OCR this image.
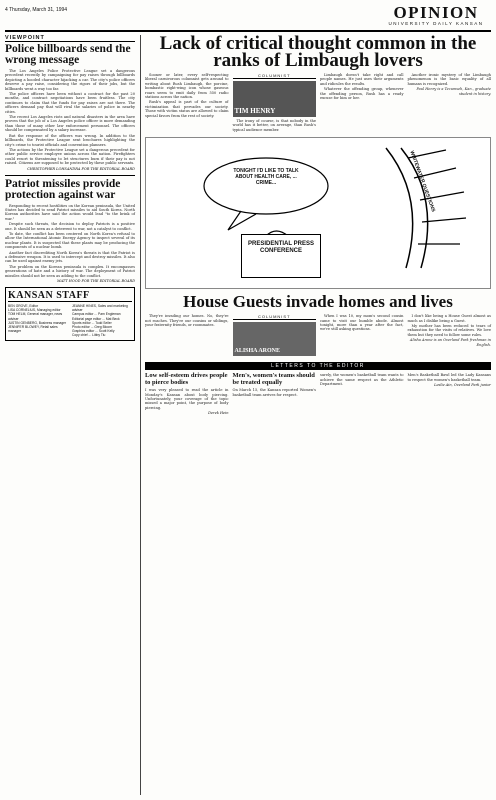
4 Thursday, March 31, 1994	OPINION
UNIVERSITY DAILY KANSAN
VIEWPOINT
Police billboards send the wrong message

The Los Angeles Police Protective League set a dangerous precedent recently by campaigning for pay raises through billboards depicting a hooded character hijacking a car. The city's police officers deserve a pay raise, considering the rigors of their jobs, but the billboards went a way too far.

The police officers have been without a contract for the past 20 months, and contract negotiations have been fruitless. The city continues to claim that the funds for pay raises are not there. The officers demand pay that will rival the salaries of police in nearby cities.

The recent Los Angeles riots and natural disasters in the area have proven that the job of a Los Angeles police officer is more demanding than those of many other law enforcement personnel. The officers should be compensated by a salary increase.

But the response of the officers was wrong. In addition to the billboards, the Protective League sent brochures highlighting the city's crime to tourist officials and convention planners.

The actions by the Protective League set a dangerous precedent for other public service employee unions across the nation. Firefighters could resort to threatening to let structures burn if their pay is not raised. Citizens are supposed to be protected by these public servants.

CHRISTOPHER LOHSANDRA FOR THE EDITORIAL BOARD
Patriot missiles provide protection against war

Responding to recent hostilities on the Korean peninsula, the United States has decided to send Patriot missiles to aid South Korea. North Korean authorities have said the action would lead "to the brink of war."

Despite such threats, the decision to deploy Patriots is a positive one. It should be seen as a deterrent to war, not a catalyst to conflict.

To date, the conflict has been centered on North Korea's refusal to allow the International Atomic Energy Agency to inspect several of its nuclear plants. It is suspected that these plants may be producing the components of a nuclear bomb.

Another fact discrediting North Korea's threats is that the Patriot is a defensive weapon. It is used to intercept and destroy missiles. It also can be used against enemy jets.

The problem on the Korean peninsula is complex. It encompasses generations of hate and a history of war. The deployment of Patriot missiles should not be seen as adding to the conflict.

MATT HOOD FOR THE EDITORIAL BOARD
KANSAN STAFF
BEN GROVE, Editor
LISA CORNELIUS, Managing editor
TOM HELM, General manager, news adviser
JUSTIN GENBERG, Business manager
JENNIFER BLOWEY, Retail sales manager
JEANNE HINES, Sales and marketing adviser
Campus editor ... Pam Engleman
Editorial page editor ... Mat Beck
Sports editor ... Todd Seiler
Photo editor ... Greg Bloom
Graphics editor ... Scott Kelly
Copy chief ... Libby Tiu
Lack of critical thought common in the ranks of Limbaugh lovers

Sooner or later, every self-respecting liberal carnivorous columnist gets around to writing about Rush Limbaugh, the porcine, bombastic right-wing icon whose gaseous roars seem to emit daily from 550 radio stations across the nation.

Rush's appeal is part of the culture of victimization that pervades our society. Those with victim status are allowed to claim special favors from the rest of society.

COLUMNIST
TIM HENRY

The irony of course, is that nobody in the world has it better, on average, than Rush's typical audience member.

Limbaugh doesn't take right and call people names. He just uses their arguments and ridicules the results.

Whatever the offending group, whenever the offending person, Rush has a ready excuse for him or her.

Another ironic mystery of the Limbaugh phenomenon is the basic equality of all humans is recognized.

Paul Henry is a Tecumseh, Kan., graduate student in history.
TONIGHT I'D LIKE TO TALK ABOUT HEALTH CARE, ... CRIME...
PRESIDENTIAL PRESS CONFERENCE
WHITEWATER QUESTIONS
House Guests invade homes and lives

They're invading our homes. No, they're not roaches. They're our cousins or siblings, your fraternity friends, or roommates.

COLUMNIST
ALISHA ARONE

When I was 10, my mom's second cousin came to visit our humble abode. Almost tonight, more than a year after the fact, we're still asking questions.

I don't like being a House Guest almost as much as I dislike being a Guest.

My mother has been reduced to tears of exhaustion for the visits of relatives. We love them but they need to follow some rules.

Alisha Arone is an Overland Park freshman in English.
LETTERS TO THE EDITOR
Low self-esteem drives people to pierce bodies
I was very pleased to read the article in Monday's Kansan about body piercing. Unfortunately, your coverage of the topic missed a major point, the purpose of body piercing.
Derek Hein
Men's, women's teams should be treated equally
On March 15, the Kansan reported Women's basketball team arrives for respect.
surely, the women's basketball team wants to achieve the same respect as the Athletic Department.
Men's Basketball Bawl led the Lady Kansans to respect the women's basketball team.
Leslie Ain, Overland Park junior
